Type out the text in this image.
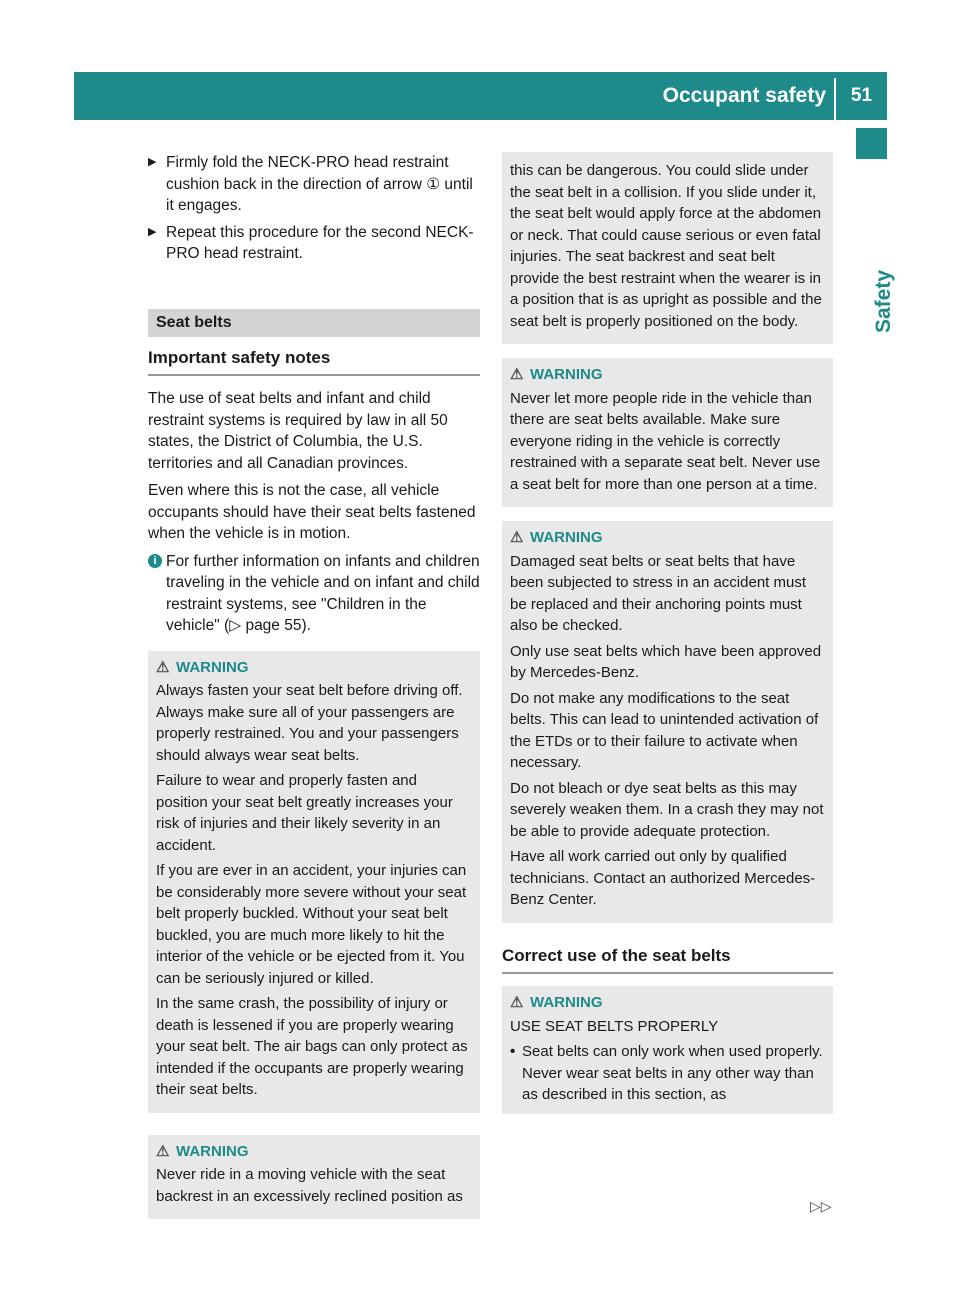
Occupant safety	51
Safety
▶ Firmly fold the NECK-PRO head restraint cushion back in the direction of arrow ① until it engages.
▶ Repeat this procedure for the second NECK-PRO head restraint.
Seat belts
Important safety notes

The use of seat belts and infant and child restraint systems is required by law in all 50 states, the District of Columbia, the U.S. territories and all Canadian provinces.

Even where this is not the case, all vehicle occupants should have their seat belts fastened when the vehicle is in motion.

i For further information on infants and children traveling in the vehicle and on infant and child restraint systems, see "Children in the vehicle" (▷ page 55).
⚠ WARNING

Always fasten your seat belt before driving off. Always make sure all of your passengers are properly restrained. You and your passengers should always wear seat belts.

Failure to wear and properly fasten and position your seat belt greatly increases your risk of injuries and their likely severity in an accident.

If you are ever in an accident, your injuries can be considerably more severe without your seat belt properly buckled. Without your seat belt buckled, you are much more likely to hit the interior of the vehicle or be ejected from it. You can be seriously injured or killed.

In the same crash, the possibility of injury or death is lessened if you are properly wearing your seat belt. The air bags can only protect as intended if the occupants are properly wearing their seat belts.

⚠ WARNING

Never ride in a moving vehicle with the seat backrest in an excessively reclined position as

this can be dangerous. You could slide under the seat belt in a collision. If you slide under it, the seat belt would apply force at the abdomen or neck. That could cause serious or even fatal injuries. The seat backrest and seat belt provide the best restraint when the wearer is in a position that is as upright as possible and the seat belt is properly positioned on the body.

⚠ WARNING

Never let more people ride in the vehicle than there are seat belts available. Make sure everyone riding in the vehicle is correctly restrained with a separate seat belt. Never use a seat belt for more than one person at a time.

⚠ WARNING

Damaged seat belts or seat belts that have been subjected to stress in an accident must be replaced and their anchoring points must also be checked.

Only use seat belts which have been approved by Mercedes-Benz.

Do not make any modifications to the seat belts. This can lead to unintended activation of the ETDs or to their failure to activate when necessary.

Do not bleach or dye seat belts as this may severely weaken them. In a crash they may not be able to provide adequate protection.

Have all work carried out only by qualified technicians. Contact an authorized Mercedes-Benz Center.

Correct use of the seat belts
⚠ WARNING

USE SEAT BELTS PROPERLY

• Seat belts can only work when used properly. Never wear seat belts in any other way than as described in this section, as
▷▷
